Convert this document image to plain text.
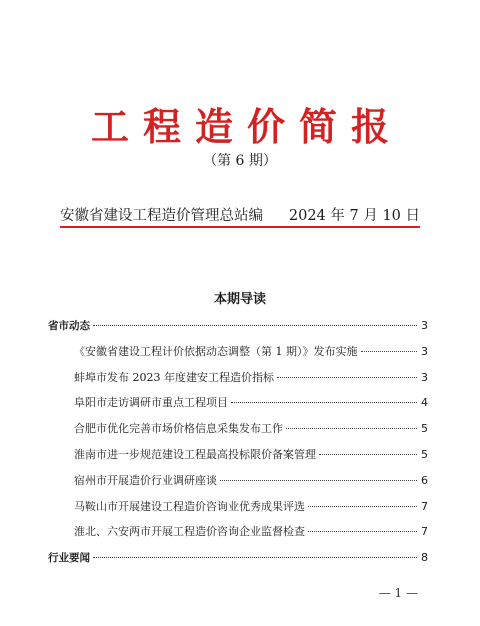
工程造价简报
（第 6 期）
安徽省建设工程造价管理总站编 2024 年 7 月 10 日
本期导读
省市动态	3
《安徽省建设工程计价依据动态调整（第 1 期）》发布实施	3
蚌埠市发布 2023 年度建安工程造价指标	3
阜阳市走访调研市重点工程项目	4
合肥市优化完善市场价格信息采集发布工作	5
淮南市进一步规范建设工程最高投标限价备案管理	5
宿州市开展造价行业调研座谈	6
马鞍山市开展建设工程造价咨询业优秀成果评选	7
淮北、六安两市开展工程造价咨询企业监督检查	7
行业要闻	8
— 1 —
